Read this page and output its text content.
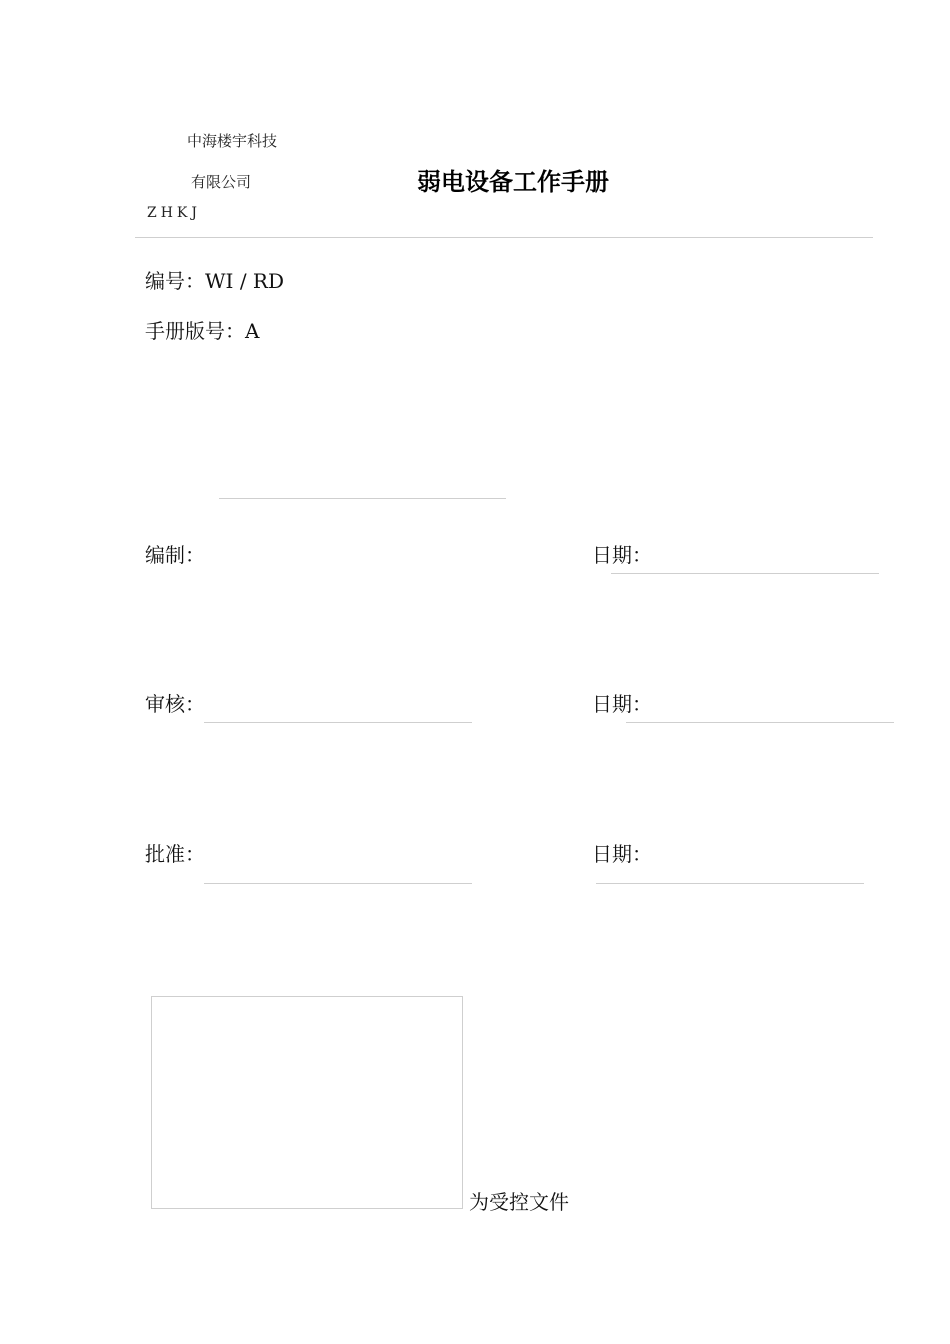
中海楼宇科技
有限公司
ZHKJ
弱电设备工作手册
编号：WI / RD
手册版号：A
编制：	日期：
审核：	日期：
批准：	日期：
为受控文件
